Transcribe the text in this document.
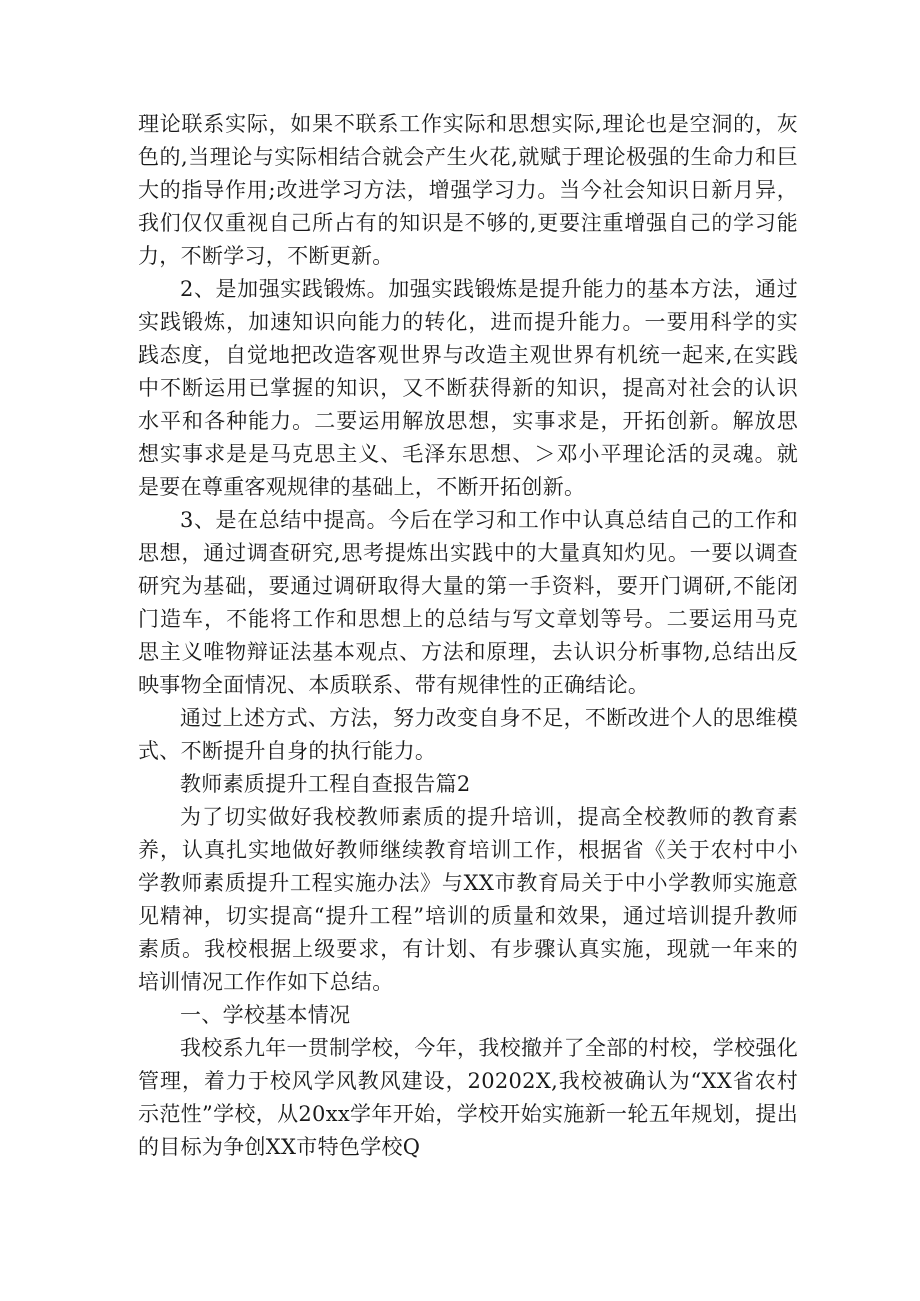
理论联系实际，如果不联系工作实际和思想实际,理论也是空洞的，灰色的,当理论与实际相结合就会产生火花,就赋于理论极强的生命力和巨大的指导作用;改进学习方法，增强学习力。当今社会知识日新月异，我们仅仅重视自己所占有的知识是不够的,更要注重增强自己的学习能力，不断学习，不断更新。

2、是加强实践锻炼。加强实践锻炼是提升能力的基本方法，通过实践锻炼，加速知识向能力的转化，进而提升能力。一要用科学的实践态度，自觉地把改造客观世界与改造主观世界有机统一起来,在实践中不断运用已掌握的知识，又不断获得新的知识，提高对社会的认识水平和各种能力。二要运用解放思想，实事求是，开拓创新。解放思想实事求是是马克思主义、毛泽东思想、＞邓小平理论活的灵魂。就是要在尊重客观规律的基础上，不断开拓创新。

3、是在总结中提高。今后在学习和工作中认真总结自己的工作和思想，通过调查研究,思考提炼出实践中的大量真知灼见。一要以调查研究为基础，要通过调研取得大量的第一手资料，要开门调研,不能闭门造车，不能将工作和思想上的总结与写文章划等号。二要运用马克思主义唯物辩证法基本观点、方法和原理，去认识分析事物,总结出反映事物全面情况、本质联系、带有规律性的正确结论。

通过上述方式、方法，努力改变自身不足，不断改进个人的思维模式、不断提升自身的执行能力。

教师素质提升工程自查报告篇2

为了切实做好我校教师素质的提升培训，提高全校教师的教育素养，认真扎实地做好教师继续教育培训工作，根据省《关于农村中小学教师素质提升工程实施办法》与XX市教育局关于中小学教师实施意见精神，切实提高“提升工程”培训的质量和效果，通过培训提升教师素质。我校根据上级要求，有计划、有步骤认真实施，现就一年来的培训情况工作作如下总结。

一、学校基本情况

我校系九年一贯制学校，今年，我校撤并了全部的村校，学校强化管理，着力于校风学风教风建设，20202X,我校被确认为“XX省农村示范性”学校，从20xx学年开始，学校开始实施新一轮五年规划，提出的目标为争创XX市特色学校Q
